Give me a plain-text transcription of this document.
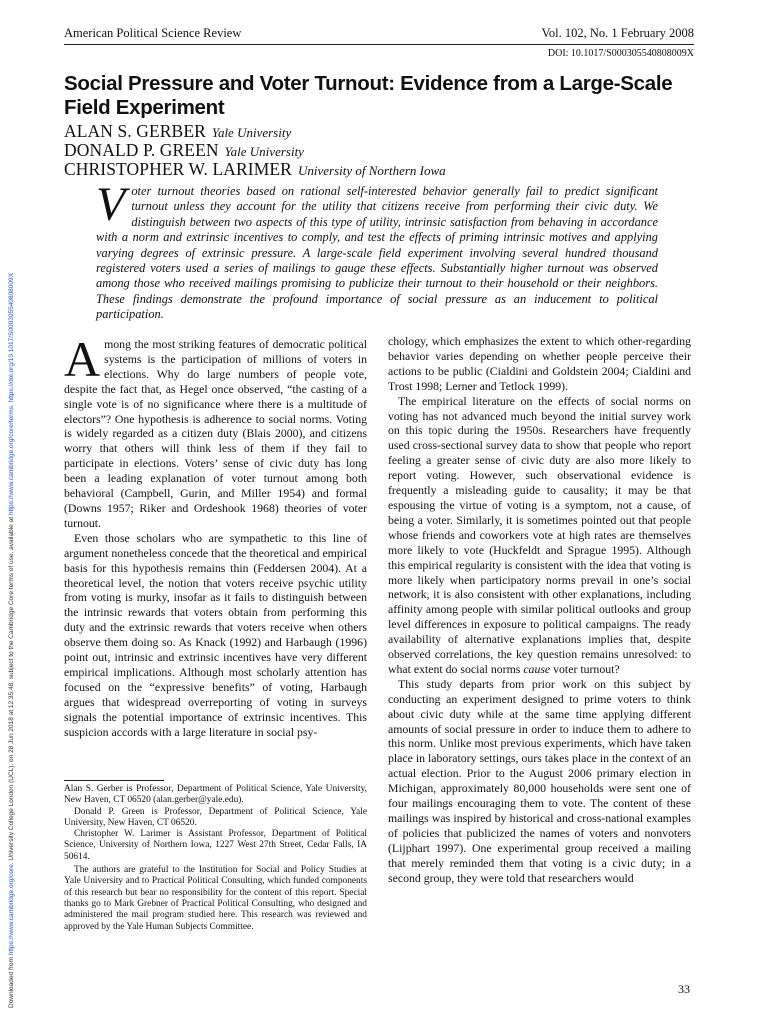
Downloaded from https://www.cambridge.org/core. University College London (UCL), on 28 Jun 2018 at 12:35:48, subject to the Cambridge Core terms of use, available at https://www.cambridge.org/core/terms. https://doi.org/10.1017/S000305540808009X
American Political Science Review	Vol. 102, No. 1 February 2008
DOI: 10.1017/S000305540808009X
Social Pressure and Voter Turnout: Evidence from a Large-Scale Field Experiment
ALAN S. GERBER Yale University
DONALD P. GREEN Yale University
CHRISTOPHER W. LARIMER University of Northern Iowa

Voter turnout theories based on rational self-interested behavior generally fail to predict significant turnout unless they account for the utility that citizens receive from performing their civic duty. We distinguish between two aspects of this type of utility, intrinsic satisfaction from behaving in accordance with a norm and extrinsic incentives to comply, and test the effects of priming intrinsic motives and applying varying degrees of extrinsic pressure. A large-scale field experiment involving several hundred thousand registered voters used a series of mailings to gauge these effects. Substantially higher turnout was observed among those who received mailings promising to publicize their turnout to their household or their neighbors. These findings demonstrate the profound importance of social pressure as an inducement to political participation.

Among the most striking features of democratic political systems is the participation of millions of voters in elections. Why do large numbers of people vote, despite the fact that, as Hegel once observed, “the casting of a single vote is of no significance where there is a multitude of electors”? One hypothesis is adherence to social norms. Voting is widely regarded as a citizen duty (Blais 2000), and citizens worry that others will think less of them if they fail to participate in elections. Voters’ sense of civic duty has long been a leading explanation of voter turnout among both behavioral (Campbell, Gurin, and Miller 1954) and formal (Downs 1957; Riker and Ordeshook 1968) theories of voter turnout.

Even those scholars who are sympathetic to this line of argument nonetheless concede that the theoretical and empirical basis for this hypothesis remains thin (Feddersen 2004). At a theoretical level, the notion that voters receive psychic utility from voting is murky, insofar as it fails to distinguish between the intrinsic rewards that voters obtain from performing this duty and the extrinsic rewards that voters receive when others observe them doing so. As Knack (1992) and Harbaugh (1996) point out, intrinsic and extrinsic incentives have very different empirical implications. Although most scholarly attention has focused on the “expressive benefits” of voting, Harbaugh argues that widespread overreporting of voting in surveys signals the potential importance of extrinsic incentives. This suspicion accords with a large literature in social psy-

chology, which emphasizes the extent to which other-regarding behavior varies depending on whether people perceive their actions to be public (Cialdini and Goldstein 2004; Cialdini and Trost 1998; Lerner and Tetlock 1999).

The empirical literature on the effects of social norms on voting has not advanced much beyond the initial survey work on this topic during the 1950s. Researchers have frequently used cross-sectional survey data to show that people who report feeling a greater sense of civic duty are also more likely to report voting. However, such observational evidence is frequently a misleading guide to causality; it may be that espousing the virtue of voting is a symptom, not a cause, of being a voter. Similarly, it is sometimes pointed out that people whose friends and coworkers vote at high rates are themselves more likely to vote (Huckfeldt and Sprague 1995). Although this empirical regularity is consistent with the idea that voting is more likely when participatory norms prevail in one’s social network, it is also consistent with other explanations, including affinity among people with similar political outlooks and group level differences in exposure to political campaigns. The ready availability of alternative explanations implies that, despite observed correlations, the key question remains unresolved: to what extent do social norms cause voter turnout?

This study departs from prior work on this subject by conducting an experiment designed to prime voters to think about civic duty while at the same time applying different amounts of social pressure in order to induce them to adhere to this norm. Unlike most previous experiments, which have taken place in laboratory settings, ours takes place in the context of an actual election. Prior to the August 2006 primary election in Michigan, approximately 80,000 households were sent one of four mailings encouraging them to vote. The content of these mailings was inspired by historical and cross-national examples of policies that publicized the names of voters and nonvoters (Lijphart 1997). One experimental group received a mailing that merely reminded them that voting is a civic duty; in a second group, they were told that researchers would

Alan S. Gerber is Professor, Department of Political Science, Yale University, New Haven, CT 06520 (alan.gerber@yale.edu).

Donald P. Green is Professor, Department of Political Science, Yale University, New Haven, CT 06520.

Christopher W. Larimer is Assistant Professor, Department of Political Science, University of Northern Iowa, 1227 West 27th Street, Cedar Falls, IA 50614.

The authors are grateful to the Institution for Social and Policy Studies at Yale University and to Practical Political Consulting, which funded components of this research but bear no responsibility for the content of this report. Special thanks go to Mark Grebner of Practical Political Consulting, who designed and administered the mail program studied here. This research was reviewed and approved by the Yale Human Subjects Committee.

33
